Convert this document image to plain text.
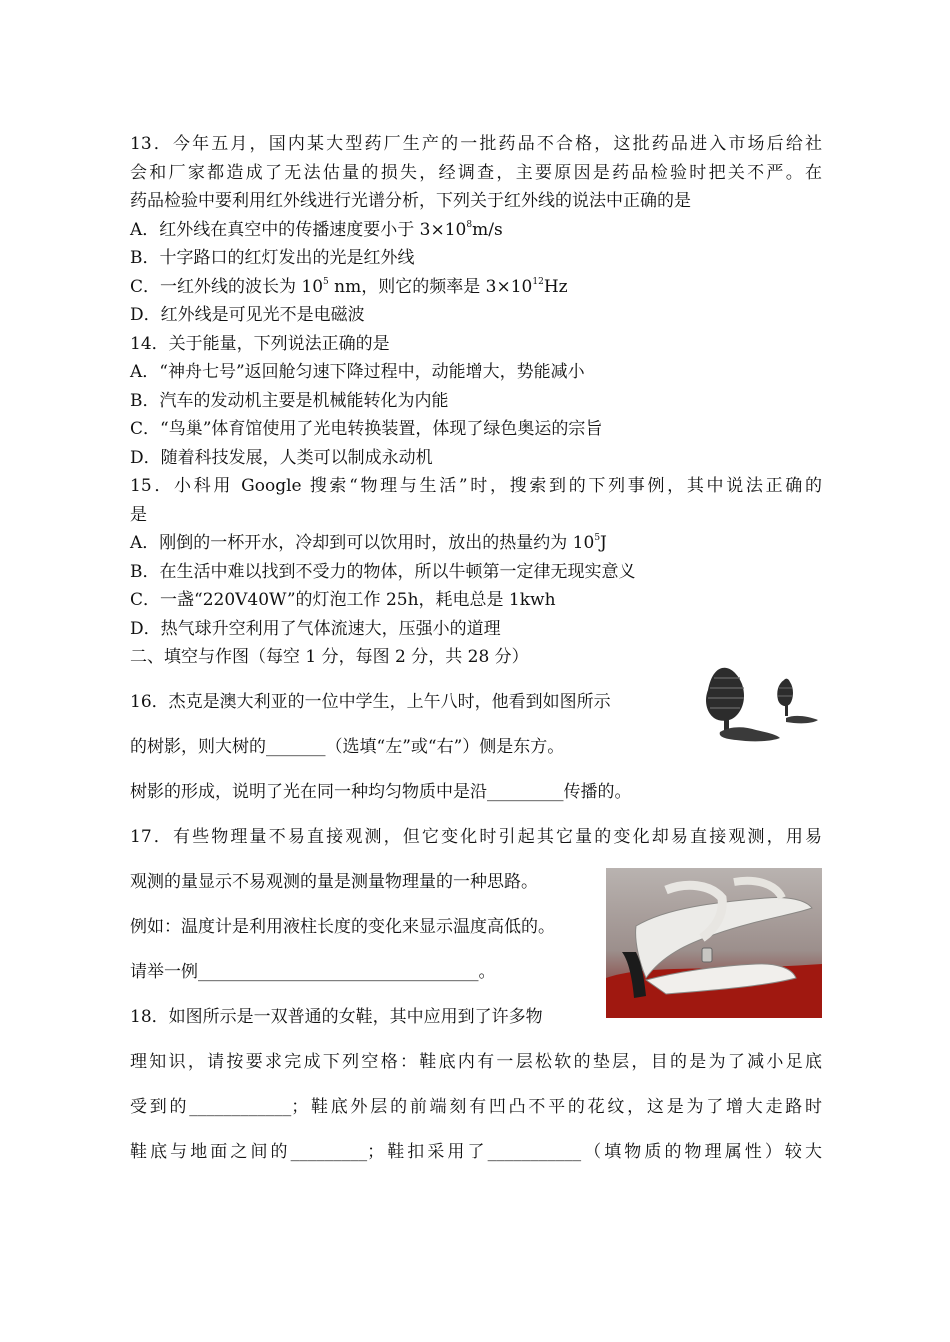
13．今年五月，国内某大型药厂生产的一批药品不合格，这批药品进入市场后给社
会和厂家都造成了无法估量的损失，经调查，主要原因是药品检验时把关不严。在
药品检验中要利用红外线进行光谱分析，下列关于红外线的说法中正确的是
A．红外线在真空中的传播速度要小于 $3\times 10^8m/s$
B．十字路口的红灯发出的光是红外线
C．一红外线的波长为 $10^5$ nm，则它的频率是 $3\times 10^{12}Hz$
D．红外线是可见光不是电磁波
14．关于能量，下列说法正确的是
A．“神舟七号”返回舱匀速下降过程中，动能增大，势能减小
B．汽车的发动机主要是机械能转化为内能
C．“鸟巢”体育馆使用了光电转换装置，体现了绿色奥运的宗旨
D．随着科技发展，人类可以制成永动机
15．小科用 Google 搜索“物理与生活”时，搜索到的下列事例，其中说法正确的
是
A．刚倒的一杯开水，冷却到可以饮用时，放出的热量约为 $10^5J$
B．在生活中难以找到不受力的物体，所以牛顿第一定律无现实意义
C．一盏“220V40W”的灯泡工作 25h，耗电总是 1kwh
D．热气球升空利用了气体流速大，压强小的道理
二、填空与作图（每空 1 分，每图 2 分，共 28 分）
16．杰克是澳大利亚的一位中学生，上午八时，他看到如图所示
的树影，则大树的_______（选填“左”或“右”）侧是东方。
树影的形成，说明了光在同一种均匀物质中是沿_________传播的。
17．有些物理量不易直接观测，但它变化时引起其它量的变化却易直接观测，用易
观测的量显示不易观测的量是测量物理量的一种思路。
例如：温度计是利用液柱长度的变化来显示温度高低的。
请举一例_________________________________。
18．如图所示是一双普通的女鞋，其中应用到了许多物
理知识，请按要求完成下列空格：鞋底内有一层松软的垫层，目的是为了减小足底
受到的____________；鞋底外层的前端刻有凹凸不平的花纹，这是为了增大走路时
鞋底与地面之间的_________；鞋扣采用了___________（填物质的物理属性）较大
